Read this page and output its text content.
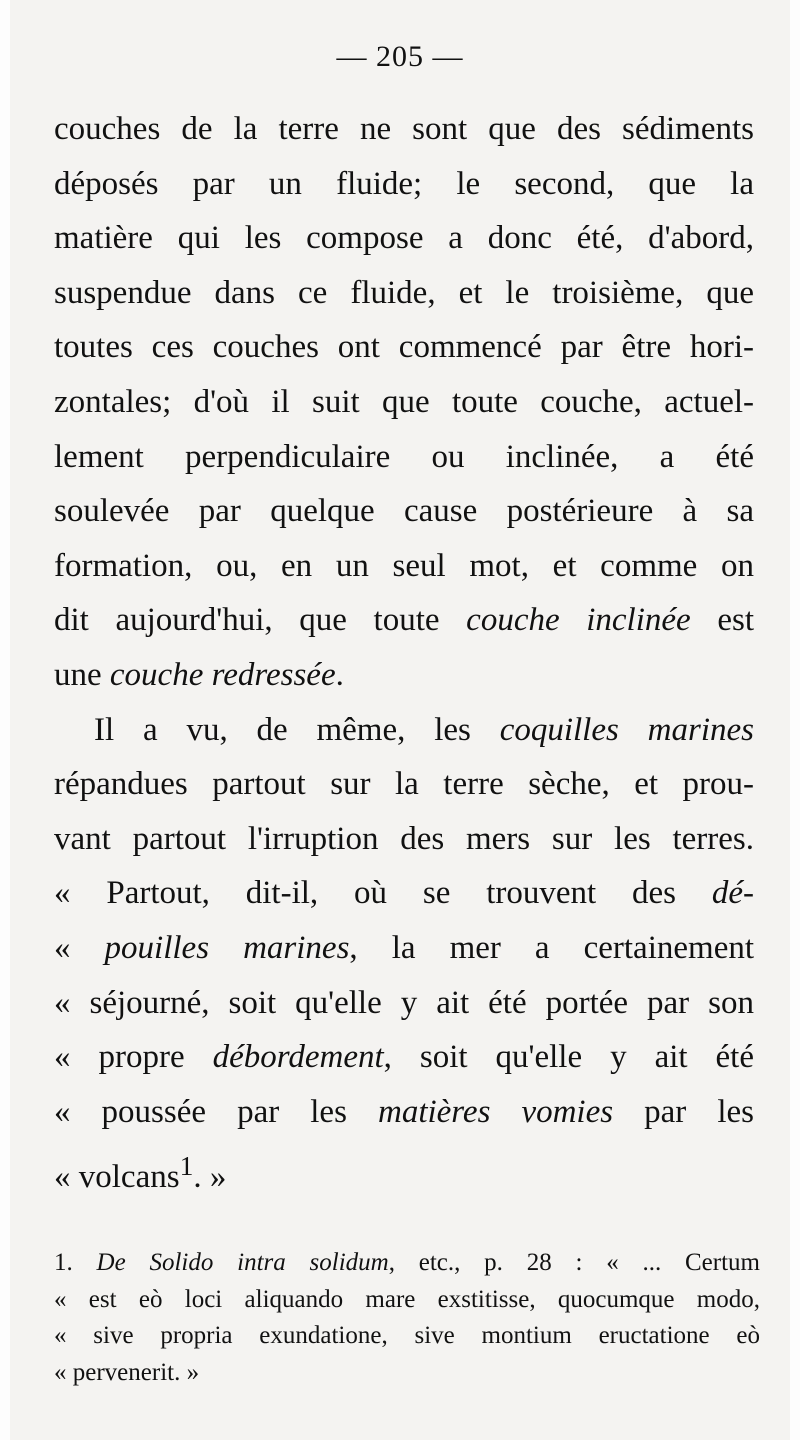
— 205 —
couches de la terre ne sont que des sédiments
déposés par un fluide; le second, que la
matière qui les compose a donc été, d'abord,
suspendue dans ce fluide, et le troisième, que
toutes ces couches ont commencé par être hori-
zontales; d'où il suit que toute couche, actuel-
lement perpendiculaire ou inclinée, a été
soulevée par quelque cause postérieure à sa
formation, ou, en un seul mot, et comme on
dit aujourd'hui, que toute couche inclinée est
une couche redressée.
Il a vu, de même, les coquilles marines
répandues partout sur la terre sèche, et prou-
vant partout l'irruption des mers sur les terres.
« Partout, dit-il, où se trouvent des dé-
« pouilles marines, la mer a certainement
« séjourné, soit qu'elle y ait été portée par son
« propre débordement, soit qu'elle y ait été
« poussée par les matières vomies par les
« volcans$^1$. »
1. De Solido intra solidum, etc., p. 28 : « ... Certum
« est eò loci aliquando mare exstitisse, quocumque modo,
« sive propria exundatione, sive montium eructatione eò
« pervenerit. »
